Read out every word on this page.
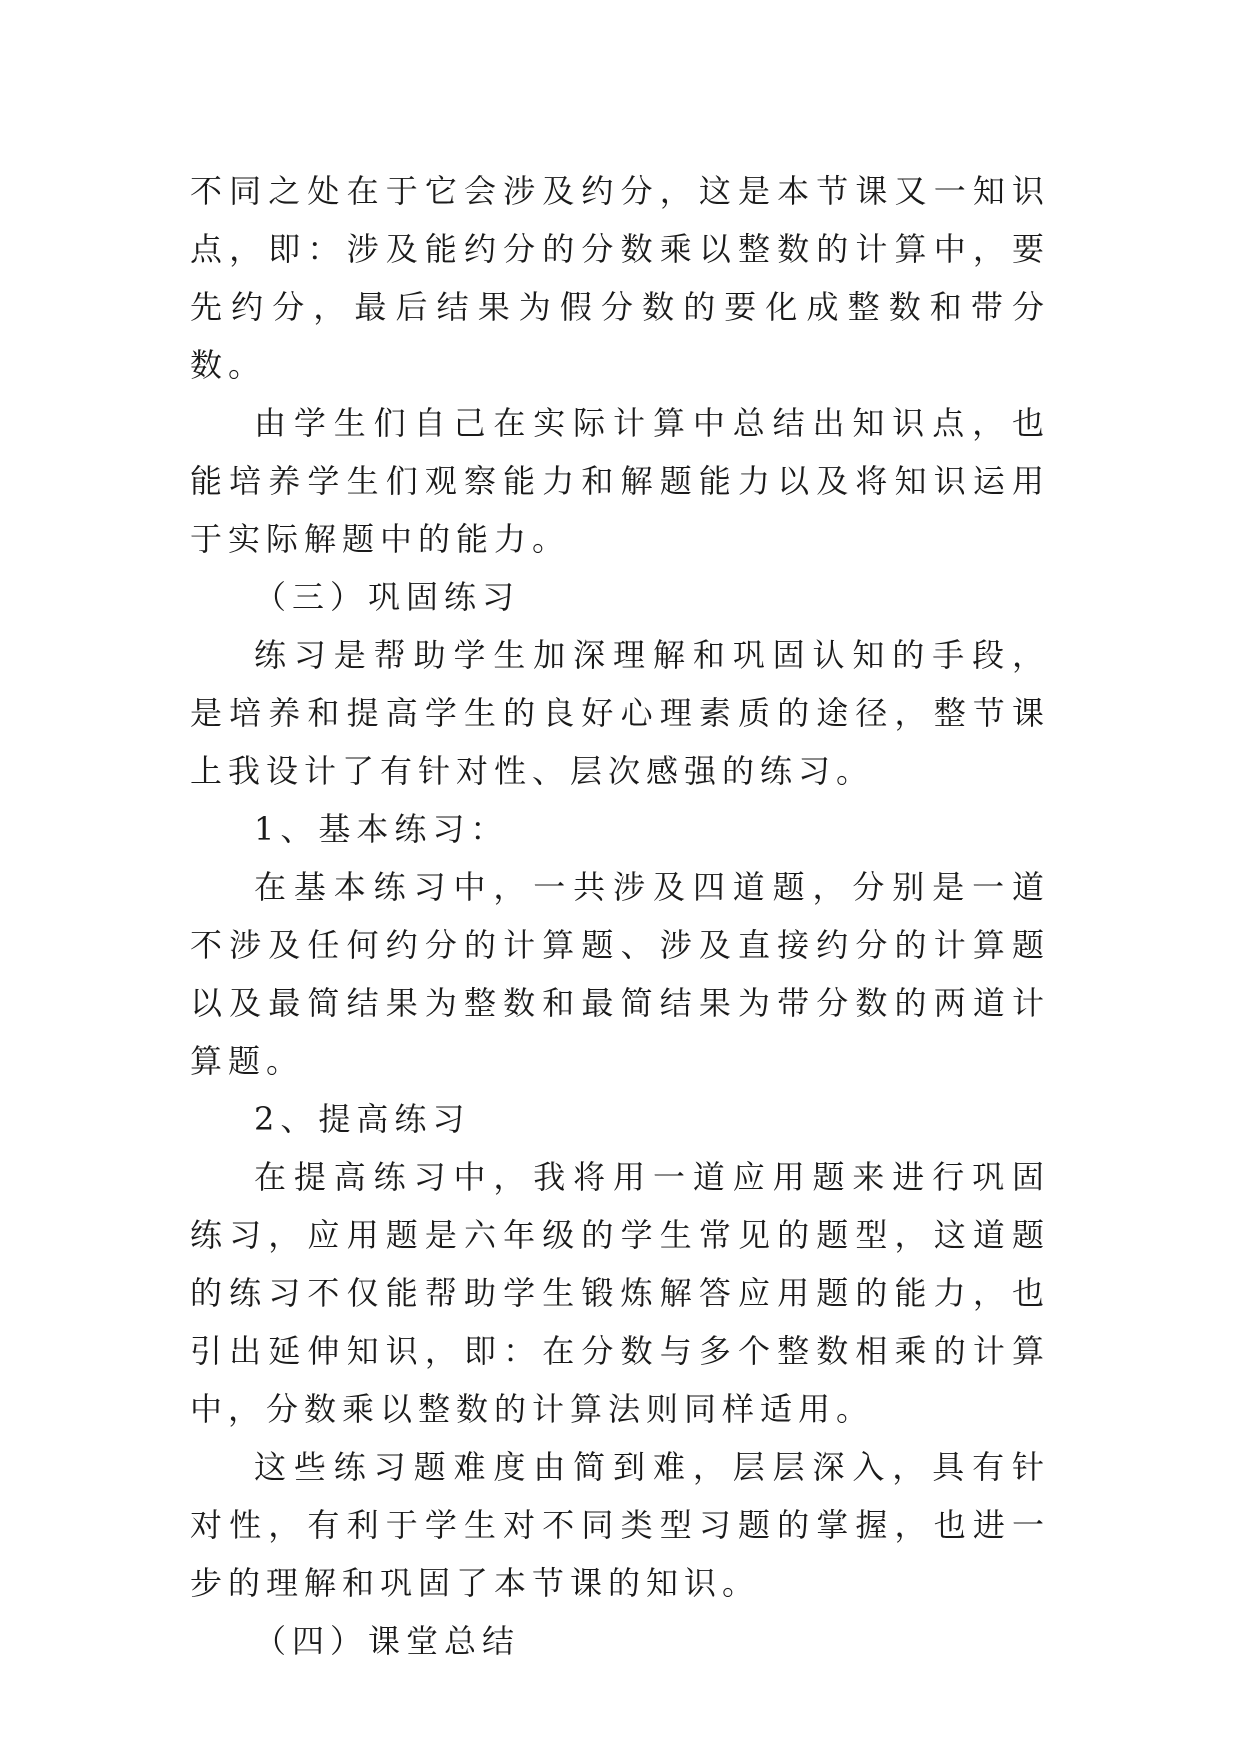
不同之处在于它会涉及约分，这是本节课又一知识点，即：涉及能约分的分数乘以整数的计算中，要先约分，最后结果为假分数的要化成整数和带分数。

由学生们自己在实际计算中总结出知识点，也能培养学生们观察能力和解题能力以及将知识运用于实际解题中的能力。

（三）巩固练习

练习是帮助学生加深理解和巩固认知的手段，是培养和提高学生的良好心理素质的途径，整节课上我设计了有针对性、层次感强的练习。

1、基本练习：

在基本练习中，一共涉及四道题，分别是一道不涉及任何约分的计算题、涉及直接约分的计算题以及最简结果为整数和最简结果为带分数的两道计算题。

2、提高练习

在提高练习中，我将用一道应用题来进行巩固练习，应用题是六年级的学生常见的题型，这道题的练习不仅能帮助学生锻炼解答应用题的能力，也引出延伸知识，即：在分数与多个整数相乘的计算中，分数乘以整数的计算法则同样适用。

这些练习题难度由简到难，层层深入，具有针对性，有利于学生对不同类型习题的掌握，也进一步的理解和巩固了本节课的知识。

（四）课堂总结
